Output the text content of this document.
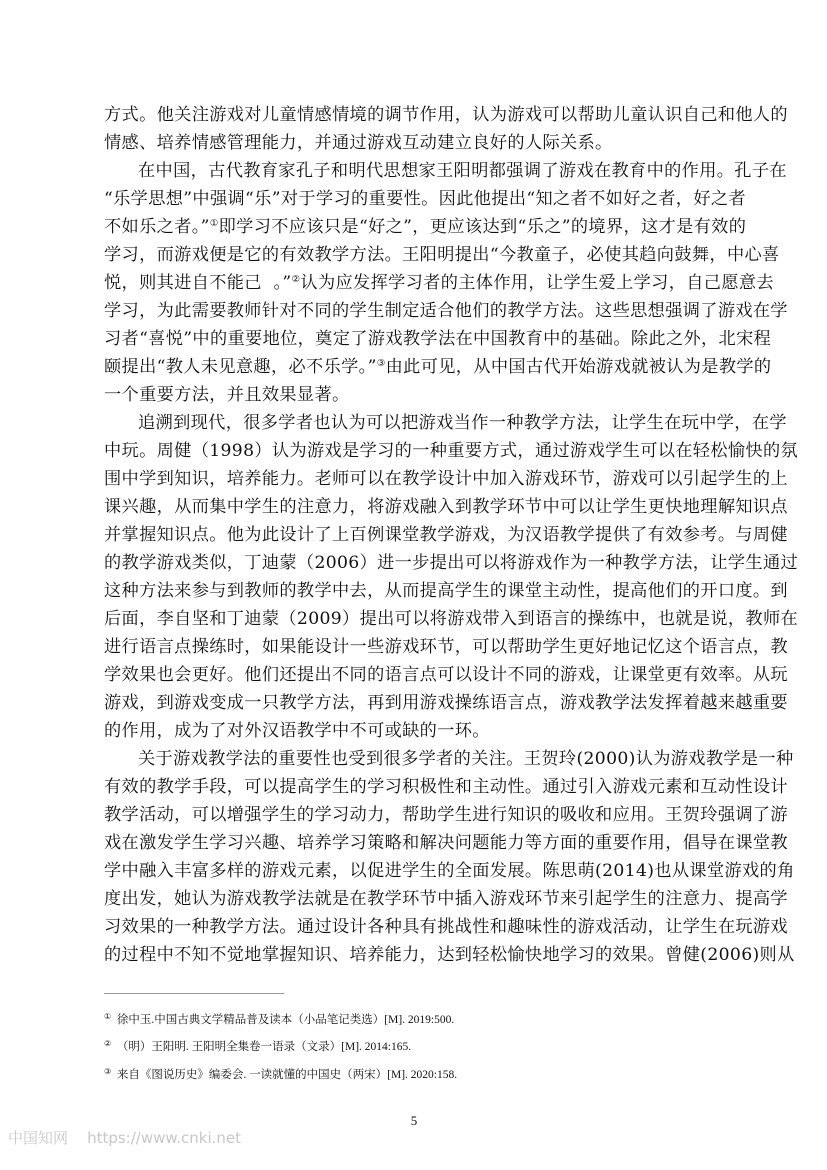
方式。他关注游戏对儿童情感情境的调节作用，认为游戏可以帮助儿童认识自己和他人的
情感、培养情感管理能力，并通过游戏互动建立良好的人际关系。
在中国，古代教育家孔子和明代思想家王阳明都强调了游戏在教育中的作用。孔子在
“乐学思想”中强调“乐”对于学习的重要性。因此他提出“知之者不如好之者，好之者
不如乐之者。”①即学习不应该只是“好之”，更应该达到“乐之”的境界，这才是有效的
学习，而游戏便是它的有效教学方法。王阳明提出“今教童子，必使其趋向鼓舞，中心喜
悦，则其进自不能己  。”②认为应发挥学习者的主体作用，让学生爱上学习，自己愿意去
学习，为此需要教师针对不同的学生制定适合他们的教学方法。这些思想强调了游戏在学
习者“喜悦”中的重要地位，奠定了游戏教学法在中国教育中的基础。除此之外，北宋程
颐提出“教人未见意趣，必不乐学。”③由此可见，从中国古代开始游戏就被认为是教学的
一个重要方法，并且效果显著。
追溯到现代，很多学者也认为可以把游戏当作一种教学方法，让学生在玩中学，在学
中玩。周健（1998）认为游戏是学习的一种重要方式，通过游戏学生可以在轻松愉快的氛
围中学到知识，培养能力。老师可以在教学设计中加入游戏环节，游戏可以引起学生的上
课兴趣，从而集中学生的注意力，将游戏融入到教学环节中可以让学生更快地理解知识点
并掌握知识点。他为此设计了上百例课堂教学游戏，为汉语教学提供了有效参考。与周健
的教学游戏类似，丁迪蒙（2006）进一步提出可以将游戏作为一种教学方法，让学生通过
这种方法来参与到教师的教学中去，从而提高学生的课堂主动性，提高他们的开口度。到
后面，李自坚和丁迪蒙（2009）提出可以将游戏带入到语言的操练中，也就是说，教师在
进行语言点操练时，如果能设计一些游戏环节，可以帮助学生更好地记忆这个语言点，教
学效果也会更好。他们还提出不同的语言点可以设计不同的游戏，让课堂更有效率。从玩
游戏，到游戏变成一只教学方法，再到用游戏操练语言点，游戏教学法发挥着越来越重要
的作用，成为了对外汉语教学中不可或缺的一环。
关于游戏教学法的重要性也受到很多学者的关注。王贺玲(2000)认为游戏教学是一种
有效的教学手段，可以提高学生的学习积极性和主动性。通过引入游戏元素和互动性设计
教学活动，可以增强学生的学习动力，帮助学生进行知识的吸收和应用。王贺玲强调了游
戏在激发学生学习兴趣、培养学习策略和解决问题能力等方面的重要作用，倡导在课堂教
学中融入丰富多样的游戏元素，以促进学生的全面发展。陈思萌(2014)也从课堂游戏的角
度出发，她认为游戏教学法就是在教学环节中插入游戏环节来引起学生的注意力、提高学
习效果的一种教学方法。通过设计各种具有挑战性和趣味性的游戏活动，让学生在玩游戏
的过程中不知不觉地掌握知识、培养能力，达到轻松愉快地学习的效果。曾健(2006)则从
① 徐中玉.中国古典文学精品普及读本（小品笔记类选）[M]. 2019:500.
② （明）王阳明. 王阳明全集卷一语录（文录）[M]. 2014:165.
③ 来自《图说历史》编委会. 一读就懂的中国史（两宋）[M]. 2020:158.
5
中国知网    https://www.cnki.net
